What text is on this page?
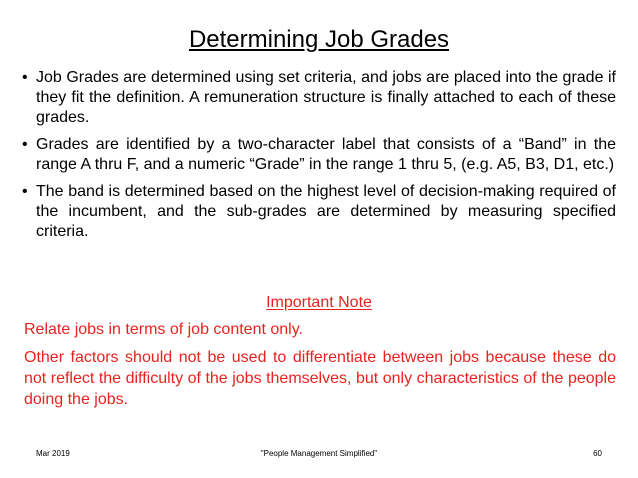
Determining Job Grades
• Job Grades are determined using set criteria, and jobs are placed into the grade if they fit the definition. A remuneration structure is finally attached to each of these grades.
• Grades are identified by a two-character label that consists of a “Band” in the range A thru F, and a numeric “Grade” in the range 1 thru 5, (e.g. A5, B3, D1, etc.)
• The band is determined based on the highest level of decision-making required of the incumbent, and the sub-grades are determined by measuring specified criteria.
Important Note
Relate jobs in terms of job content only.
Other factors should not be used to differentiate between jobs because these do not reflect the difficulty of the jobs themselves, but only characteristics of the people doing the jobs.
Mar 2019	"People Management Simplified"	60
